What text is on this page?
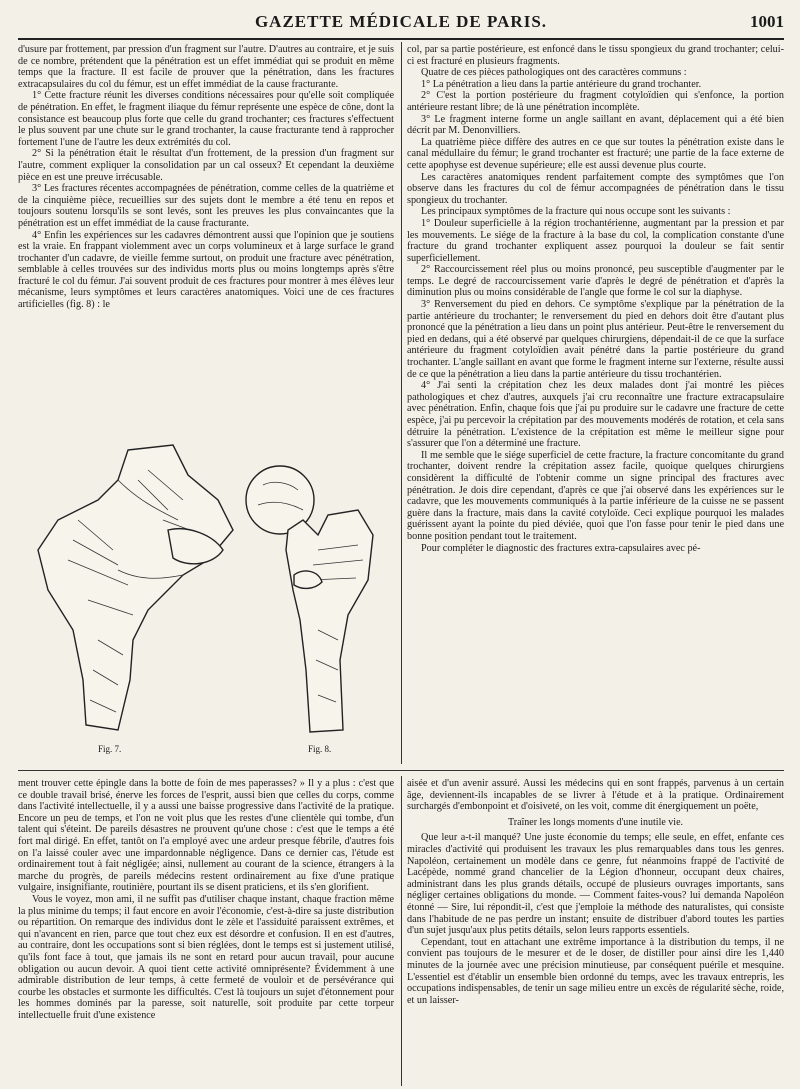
GAZETTE MÉDICALE DE PARIS.	1001

d'usure par frottement, par pression d'un fragment sur l'autre. D'autres au contraire, et je suis de ce nombre, prétendent que la pénétration est un effet immédiat qui se produit en même temps que la fracture. Il est facile de prouver que la pénétration, dans les fractures extracapsulaires du col du fémur, est un effet immédiat de la cause fracturante.

1° Cette fracture réunit les diverses conditions nécessaires pour qu'elle soit compliquée de pénétration. En effet, le fragment iliaque du fémur représente une espèce de cône, dont la consistance est beaucoup plus forte que celle du grand trochanter; ces fractures s'effectuent le plus souvent par une chute sur le grand trochanter, la cause fracturante tend à rapprocher fortement l'une de l'autre les deux extrémités du col.

2° Si la pénétration était le résultat d'un frottement, de la pression d'un fragment sur l'autre, comment expliquer la consolidation par un cal osseux? Et cependant la deuxième pièce en est une preuve irrécusable.

3° Les fractures récentes accompagnées de pénétration, comme celles de la quatrième et de la cinquième pièce, recueillies sur des sujets dont le membre a été tenu en repos et toujours soutenu lorsqu'ils se sont levés, sont les preuves les plus convaincantes que la pénétration est un effet immédiat de la cause fracturante.

4° Enfin les expériences sur les cadavres démontrent aussi que l'opinion que je soutiens est la vraie. En frappant violemment avec un corps volumineux et à large surface le grand trochanter d'un cadavre, de vieille femme surtout, on produit une fracture avec pénétration, semblable à celles trouvées sur des individus morts plus ou moins longtemps après s'être fracturé le col du fémur. J'ai souvent produit de ces fractures pour montrer à mes élèves leur mécanisme, leurs symptômes et leurs caractères anatomiques. Voici une de ces fractures artificielles (fig. 8) : le

Fig. 7.	Fig. 8.

col, par sa partie postérieure, est enfoncé dans le tissu spongieux du grand trochanter; celui-ci est fracturé en plusieurs fragments.

Quatre de ces pièces pathologiques ont des caractères communs :

1° La pénétration a lieu dans la partie antérieure du grand trochanter.

2° C'est la portion postérieure du fragment cotyloïdien qui s'enfonce, la portion antérieure restant libre; de là une pénétration incomplète.

3° Le fragment interne forme un angle saillant en avant, déplacement qui a été bien décrit par M. Denonvilliers.

La quatrième pièce diffère des autres en ce que sur toutes la pénétration existe dans le canal médullaire du fémur; le grand trochanter est fracturé; une partie de la face externe de cette apophyse est devenue supérieure; elle est aussi devenue plus courte.

Les caractères anatomiques rendent parfaitement compte des symptômes que l'on observe dans les fractures du col de fémur accompagnées de pénétration dans le tissu spongieux du trochanter.

Les principaux symptômes de la fracture qui nous occupe sont les suivants :

1° Douleur superficielle à la région trochantérienne, augmentant par la pression et par les mouvements. Le siége de la fracture à la base du col, la complication constante d'une fracture du grand trochanter expliquent assez pourquoi la douleur se fait sentir superficiellement.

2° Raccourcissement réel plus ou moins prononcé, peu susceptible d'augmenter par le temps. Le degré de raccourcissement varie d'après le degré de pénétration et d'après la diminution plus ou moins considérable de l'angle que forme le col sur la diaphyse.

3° Renversement du pied en dehors. Ce symptôme s'explique par la pénétration de la partie antérieure du trochanter; le renversement du pied en dehors doit être d'autant plus prononcé que la pénétration a lieu dans un point plus antérieur. Peut-être le renversement du pied en dedans, qui a été observé par quelques chirurgiens, dépendait-il de ce que la surface antérieure du fragment cotyloïdien avait pénétré dans la partie postérieure du grand trochanter. L'angle saillant en avant que forme le fragment interne sur l'externe, résulte aussi de ce que la pénétration a lieu dans la partie antérieure du tissu trochantérien.

4° J'ai senti la crépitation chez les deux malades dont j'ai montré les pièces pathologiques et chez d'autres, auxquels j'ai cru reconnaître une fracture extracapsulaire avec pénétration. Enfin, chaque fois que j'ai pu produire sur le cadavre une fracture de cette espèce, j'ai pu percevoir la crépitation par des mouvements modérés de rotation, et cela sans détruire la pénétration. L'existence de la crépitation est même le meilleur signe pour s'assurer que l'on a déterminé une fracture.

Il me semble que le siége superficiel de cette fracture, la fracture concomitante du grand trochanter, doivent rendre la crépitation assez facile, quoique quelques chirurgiens considèrent la difficulté de l'obtenir comme un signe principal des fractures avec pénétration. Je dois dire cependant, d'après ce que j'ai observé dans les expériences sur le cadavre, que les mouvements communiqués à la partie inférieure de la cuisse ne se passent guère dans la fracture, mais dans la cavité cotyloïde. Ceci explique pourquoi les malades guérissent ayant la pointe du pied déviée, quoi que l'on fasse pour tenir le pied dans une bonne position pendant tout le traitement.

Pour compléter le diagnostic des fractures extra-capsulaires avec pé-

ment trouver cette épingle dans la botte de foin de mes paperasses? » Il y a plus : c'est que ce double travail brisé, énerve les forces de l'esprit, aussi bien que celles du corps, comme dans l'activité intellectuelle, il y a aussi une baisse progressive dans l'activité de la pratique. Encore un peu de temps, et l'on ne voit plus que les restes d'une clientèle qui tombe, d'un talent qui s'éteint. De pareils désastres ne prouvent qu'une chose : c'est que le temps a été fort mal dirigé. En effet, tantôt on l'a employé avec une ardeur presque fébrile, d'autres fois on l'a laissé couler avec une impardonnable négligence. Dans ce dernier cas, l'étude est ordinairement tout à fait négligée; ainsi, nullement au courant de la science, étrangers à la marche du progrès, de pareils médecins restent ordinairement au fixe d'une pratique vulgaire, insignifiante, routinière, pourtant ils se disent praticiens, et ils s'en glorifient.

Vous le voyez, mon ami, il ne suffit pas d'utiliser chaque instant, chaque fraction même la plus minime du temps; il faut encore en avoir l'économie, c'est-à-dire sa juste distribution ou répartition. On remarque des individus dont le zèle et l'assiduité paraissent extrêmes, et qui n'avancent en rien, parce que tout chez eux est désordre et confusion. Il en est d'autres, au contraire, dont les occupations sont si bien réglées, dont le temps est si justement utilisé, qu'ils font face à tout, que jamais ils ne sont en retard pour aucun travail, pour aucune obligation ou aucun devoir. A quoi tient cette activité omniprésente? Évidemment à une admirable distribution de leur temps, à cette fermeté de vouloir et de persévérance qui courbe les obstacles et surmonte les difficultés. C'est là toujours un sujet d'étonnement pour les hommes dominés par la paresse, soit naturelle, soit produite par cette torpeur intellectuelle fruit d'une existence

aisée et d'un avenir assuré. Aussi les médecins qui en sont frappés, parvenus à un certain âge, deviennent-ils incapables de se livrer à l'étude et à la pratique. Ordinairement surchargés d'embonpoint et d'oisiveté, on les voit, comme dit énergiquement un poëte,

Traîner les longs moments d'une inutile vie.

Que leur a-t-il manqué? Une juste économie du temps; elle seule, en effet, enfante ces miracles d'activité qui produisent les travaux les plus remarquables dans tous les genres. Napoléon, certainement un modèle dans ce genre, fut néanmoins frappé de l'activité de Lacépède, nommé grand chancelier de la Légion d'honneur, occupant deux chaires, administrant dans les plus grands détails, occupé de plusieurs ouvrages importants, sans négliger certaines obligations du monde. — Comment faites-vous? lui demanda Napoléon étonné — Sire, lui répondit-il, c'est que j'emploie la méthode des naturalistes, qui consiste dans l'habitude de ne pas perdre un instant; ensuite de distribuer d'abord toutes les parties d'un sujet jusqu'aux plus petits détails, selon leurs rapports essentiels.

Cependant, tout en attachant une extrême importance à la distribution du temps, il ne convient pas toujours de le mesurer et de le doser, de distiller pour ainsi dire les 1,440 minutes de la journée avec une précision minutieuse, par conséquent puérile et mesquine. L'essentiel est d'établir un ensemble bien ordonné du temps, avec les travaux entrepris, les occupations indispensables, de tenir un sage milieu entre un excès de régularité sèche, roide, et un laisser-
